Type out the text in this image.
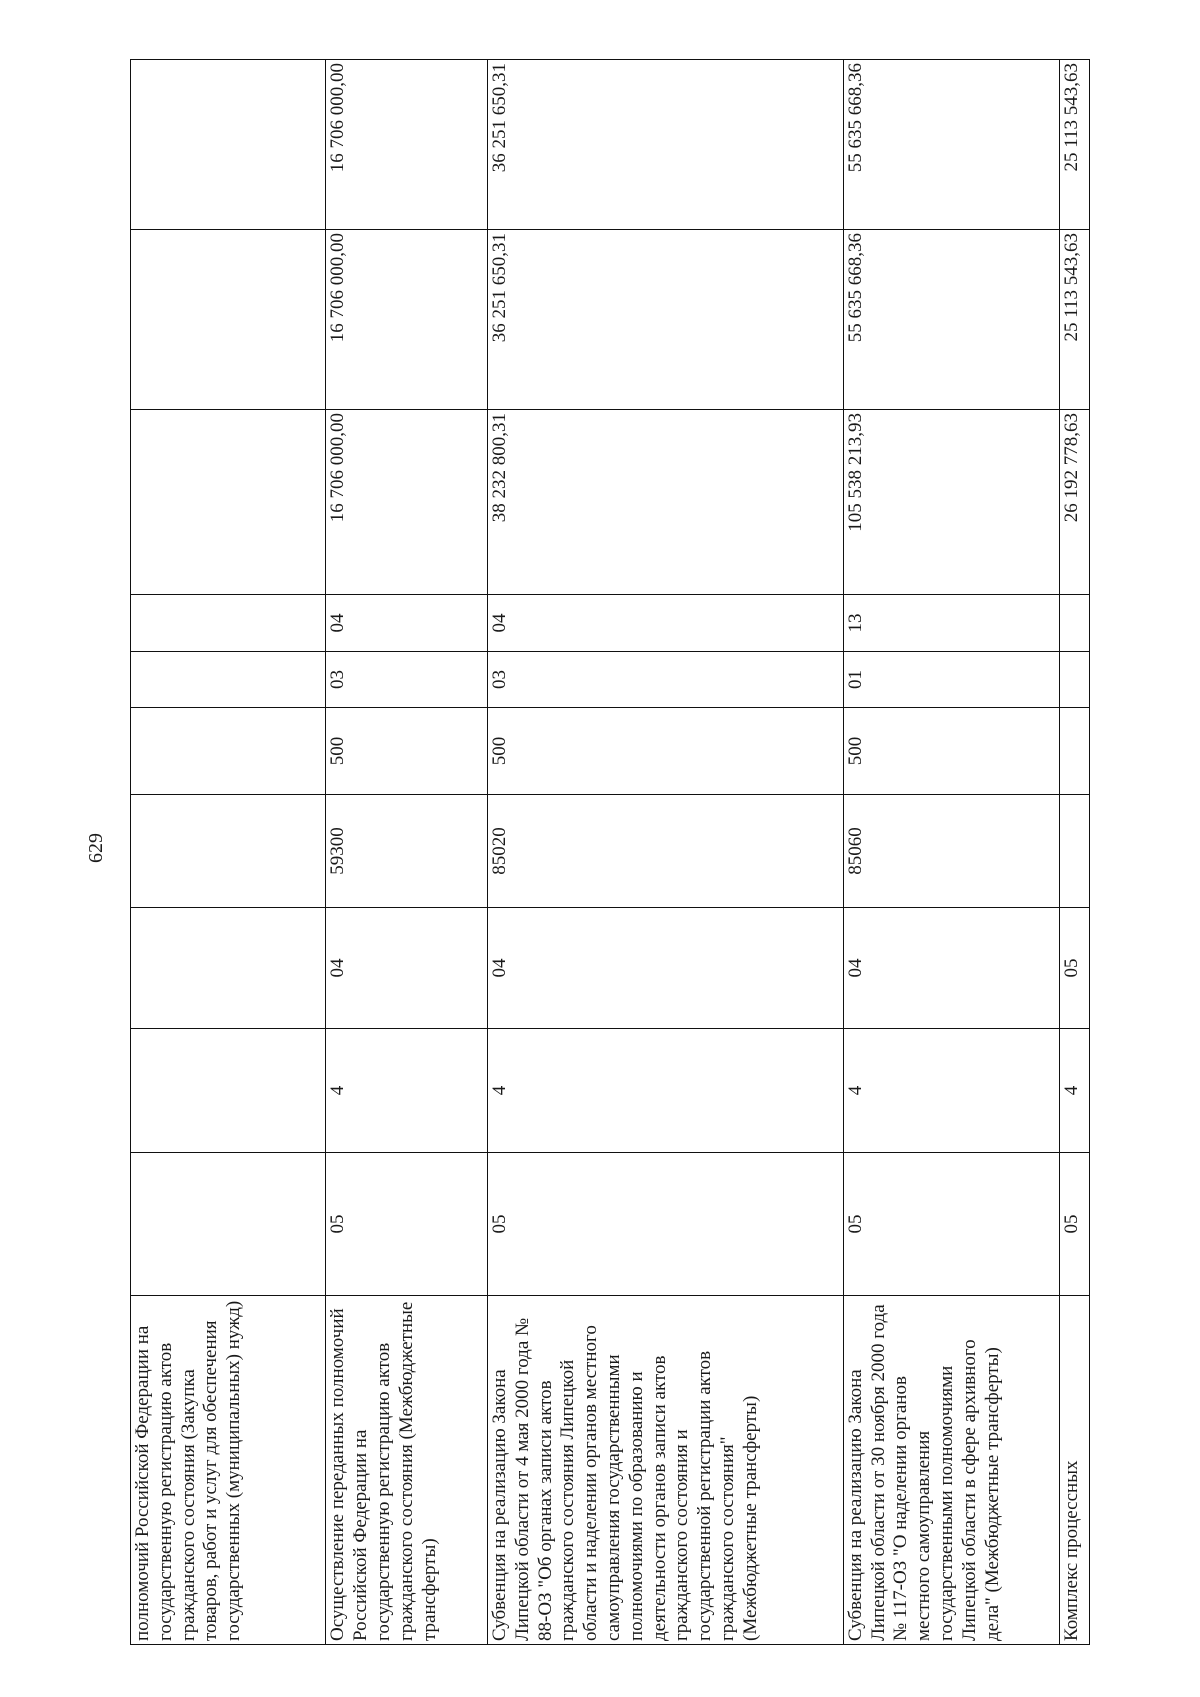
629
полномочий Российской Федерации на государственную регистрацию актов гражданского состояния (Закупка товаров, работ и услуг для обеспечения государственных (муниципальных) нужд)										
Осуществление переданных полномочий Российской Федерации на государственную регистрацию актов гражданского состояния (Межбюджетные трансферты)	05	4	04	59300	500	03	04	16 706 000,00	16 706 000,00	16 706 000,00
Субвенция на реализацию Закона Липецкой области от 4 мая 2000 года № 88-ОЗ "Об органах записи актов гражданского состояния Липецкой области и наделении органов местного самоуправления государственными полномочиями по образованию и деятельности органов записи актов гражданского состояния и государственной регистрации актов гражданского состояния" (Межбюджетные трансферты)	05	4	04	85020	500	03	04	38 232 800,31	36 251 650,31	36 251 650,31
Субвенция на реализацию Закона Липецкой области от 30 ноября 2000 года № 117-ОЗ "О наделении органов местного самоуправления государственными полномочиями Липецкой области в сфере архивного дела" (Межбюджетные трансферты)	05	4	04	85060	500	01	13	105 538 213,93	55 635 668,36	55 635 668,36
Комплекс процессных	05	4	05					26 192 778,63	25 113 543,63	25 113 543,63
